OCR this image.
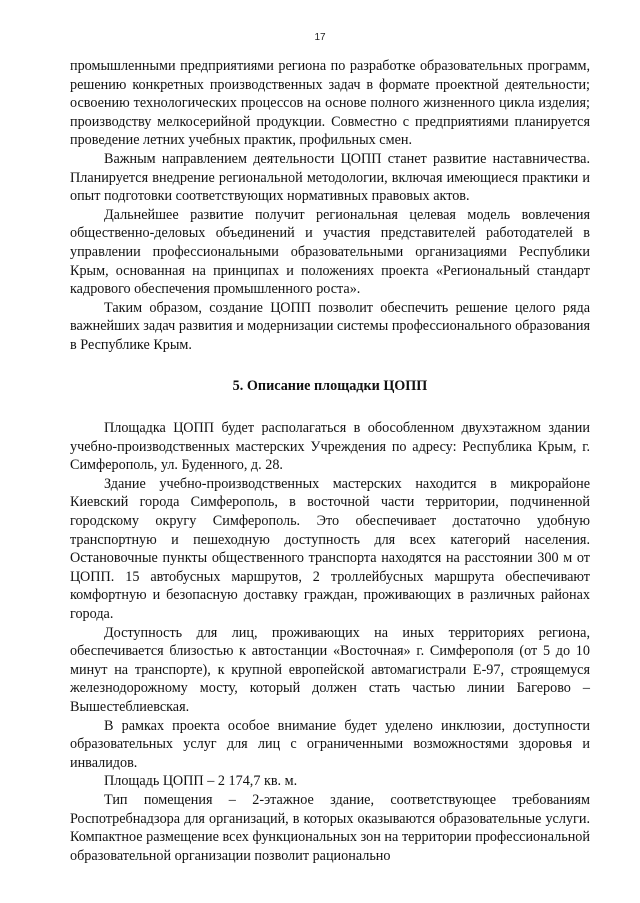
17

промышленными предприятиями региона по разработке образовательных программ, решению конкретных производственных задач в формате проектной деятельности; освоению технологических процессов на основе полного жизненного цикла изделия; производству мелкосерийной продукции. Совместно с предприятиями планируется проведение летних учебных практик, профильных смен.

Важным направлением деятельности ЦОПП станет развитие наставничества. Планируется внедрение региональной методологии, включая имеющиеся практики и опыт подготовки соответствующих нормативных правовых актов.

Дальнейшее развитие получит региональная целевая модель вовлечения общественно-деловых объединений и участия представителей работодателей в управлении профессиональными образовательными организациями Республики Крым, основанная на принципах и положениях проекта «Региональный стандарт кадрового обеспечения промышленного роста».

Таким образом, создание ЦОПП позволит обеспечить решение целого ряда важнейших задач развития и модернизации системы профессионального образования в Республике Крым.

5. Описание площадки ЦОПП

Площадка ЦОПП будет располагаться в обособленном двухэтажном здании учебно-производственных мастерских Учреждения по адресу: Республика Крым, г. Симферополь, ул. Буденного, д. 28.

Здание учебно-производственных мастерских находится в микрорайоне Киевский города Симферополь, в восточной части территории, подчиненной городскому округу Симферополь. Это обеспечивает достаточно удобную транспортную и пешеходную доступность для всех категорий населения. Остановочные пункты общественного транспорта находятся на расстоянии 300 м от ЦОПП. 15 автобусных маршрутов, 2 троллейбусных маршрута обеспечивают комфортную и безопасную доставку граждан, проживающих в различных районах города.

Доступность для лиц, проживающих на иных территориях региона, обеспечивается близостью к автостанции «Восточная» г. Симферополя (от 5 до 10 минут на транспорте), к крупной европейской автомагистрали Е-97, строящемуся железнодорожному мосту, который должен стать частью линии Багерово – Вышестеблиевская.

В рамках проекта особое внимание будет уделено инклюзии, доступности образовательных услуг для лиц с ограниченными возможностями здоровья и инвалидов.

Площадь ЦОПП – 2 174,7 кв. м.

Тип помещения – 2-этажное здание, соответствующее требованиям Роспотребнадзора для организаций, в которых оказываются образовательные услуги. Компактное размещение всех функциональных зон на территории профессиональной образовательной организации позволит рационально
